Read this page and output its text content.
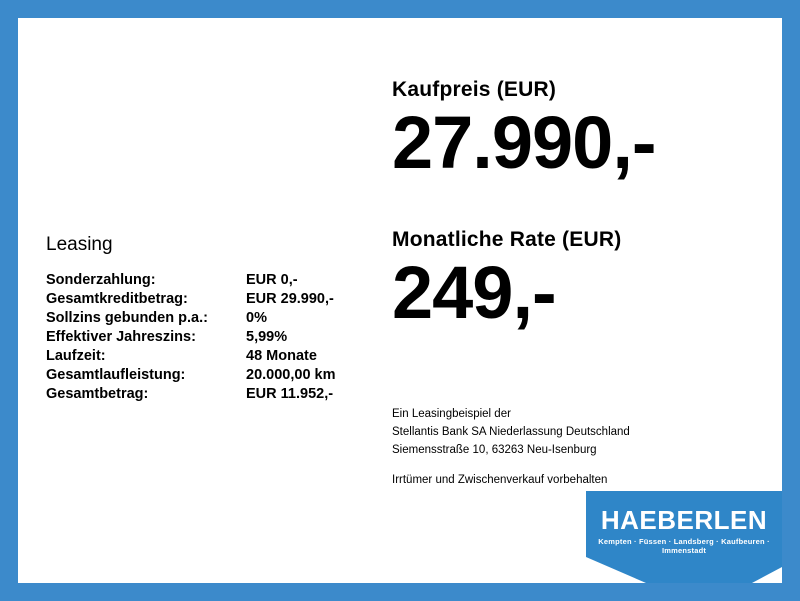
Kaufpreis (EUR)
27.990,-
Monatliche Rate (EUR)
249,-
Leasing
Sonderzahlung:	EUR 0,-
Gesamtkreditbetrag:	EUR 29.990,-
Sollzins gebunden p.a.:	0%
Effektiver Jahreszins:	5,99%
Laufzeit:	48 Monate
Gesamtlaufleistung:	20.000,00 km
Gesamtbetrag:	EUR 11.952,-
Ein Leasingbeispiel der
Stellantis Bank SA Niederlassung Deutschland
Siemensstraße 10, 63263 Neu-Isenburg
Irrtümer und Zwischenverkauf vorbehalten
HAEBERLEN
Kempten · Füssen · Landsberg · Kaufbeuren · Immenstadt
